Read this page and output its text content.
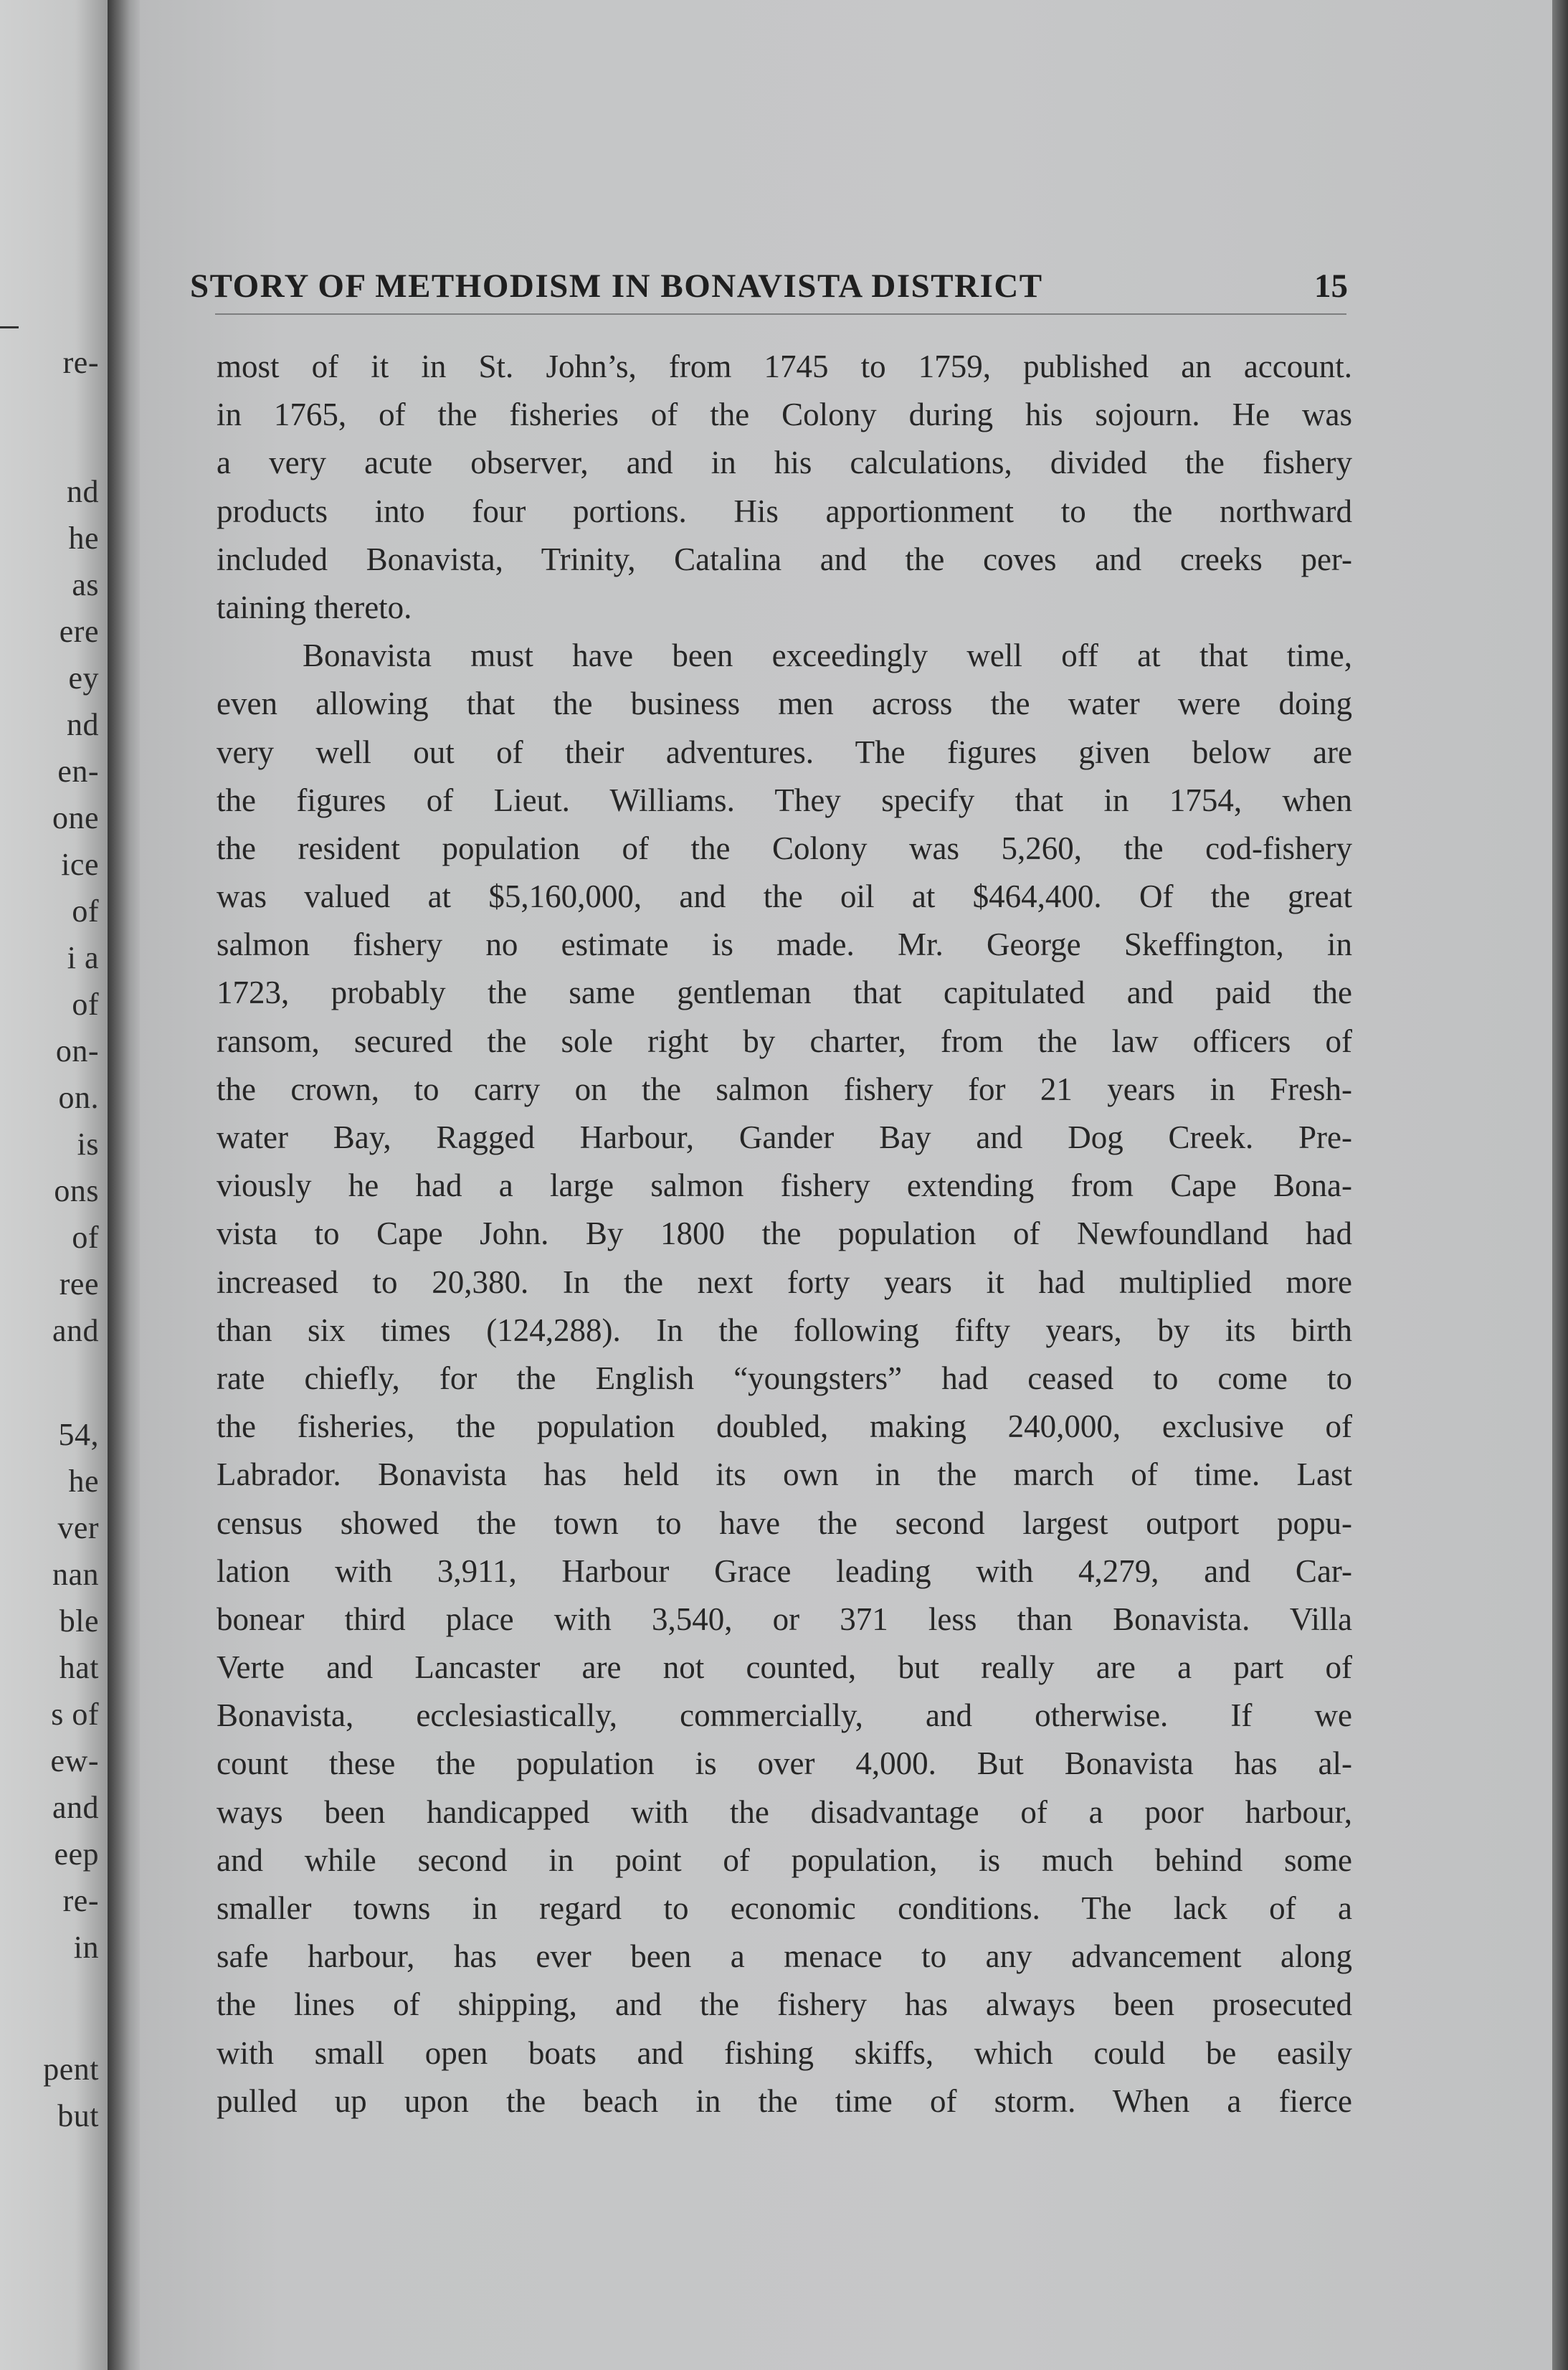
re-
nd
he
as
ere
ey
nd
en-
one
ice
of
i a
of
on-
on.
is
ons
of
ree
and
54,
he
ver
nan
ble
hat
s of
ew-
and
eep
re-
in
pent
but
STORY OF METHODISM IN BONAVISTA DISTRICT	15
most of it in St. John’s, from 1745 to 1759, published an account.
in 1765, of the fisheries of the Colony during his sojourn. He was
a very acute observer, and in his calculations, divided the fishery
products into four portions. His apportionment to the northward
included Bonavista, Trinity, Catalina and the coves and creeks per-
taining thereto.
Bonavista must have been exceedingly well off at that time,
even allowing that the business men across the water were doing
very well out of their adventures. The figures given below are
the figures of Lieut. Williams. They specify that in 1754, when
the resident population of the Colony was 5,260, the cod-fishery
was valued at $5,160,000, and the oil at $464,400. Of the great
salmon fishery no estimate is made. Mr. George Skeffington, in
1723, probably the same gentleman that capitulated and paid the
ransom, secured the sole right by charter, from the law officers of
the crown, to carry on the salmon fishery for 21 years in Fresh-
water Bay, Ragged Harbour, Gander Bay and Dog Creek. Pre-
viously he had a large salmon fishery extending from Cape Bona-
vista to Cape John. By 1800 the population of Newfoundland had
increased to 20,380. In the next forty years it had multiplied more
than six times (124,288). In the following fifty years, by its birth
rate chiefly, for the English “youngsters” had ceased to come to
the fisheries, the population doubled, making 240,000, exclusive of
Labrador. Bonavista has held its own in the march of time. Last
census showed the town to have the second largest outport popu-
lation with 3,911, Harbour Grace leading with 4,279, and Car-
bonear third place with 3,540, or 371 less than Bonavista. Villa
Verte and Lancaster are not counted, but really are a part of
Bonavista, ecclesiastically, commercially, and otherwise. If we
count these the population is over 4,000. But Bonavista has al-
ways been handicapped with the disadvantage of a poor harbour,
and while second in point of population, is much behind some
smaller towns in regard to economic conditions. The lack of a
safe harbour, has ever been a menace to any advancement along
the lines of shipping, and the fishery has always been prosecuted
with small open boats and fishing skiffs, which could be easily
pulled up upon the beach in the time of storm. When a fierce
